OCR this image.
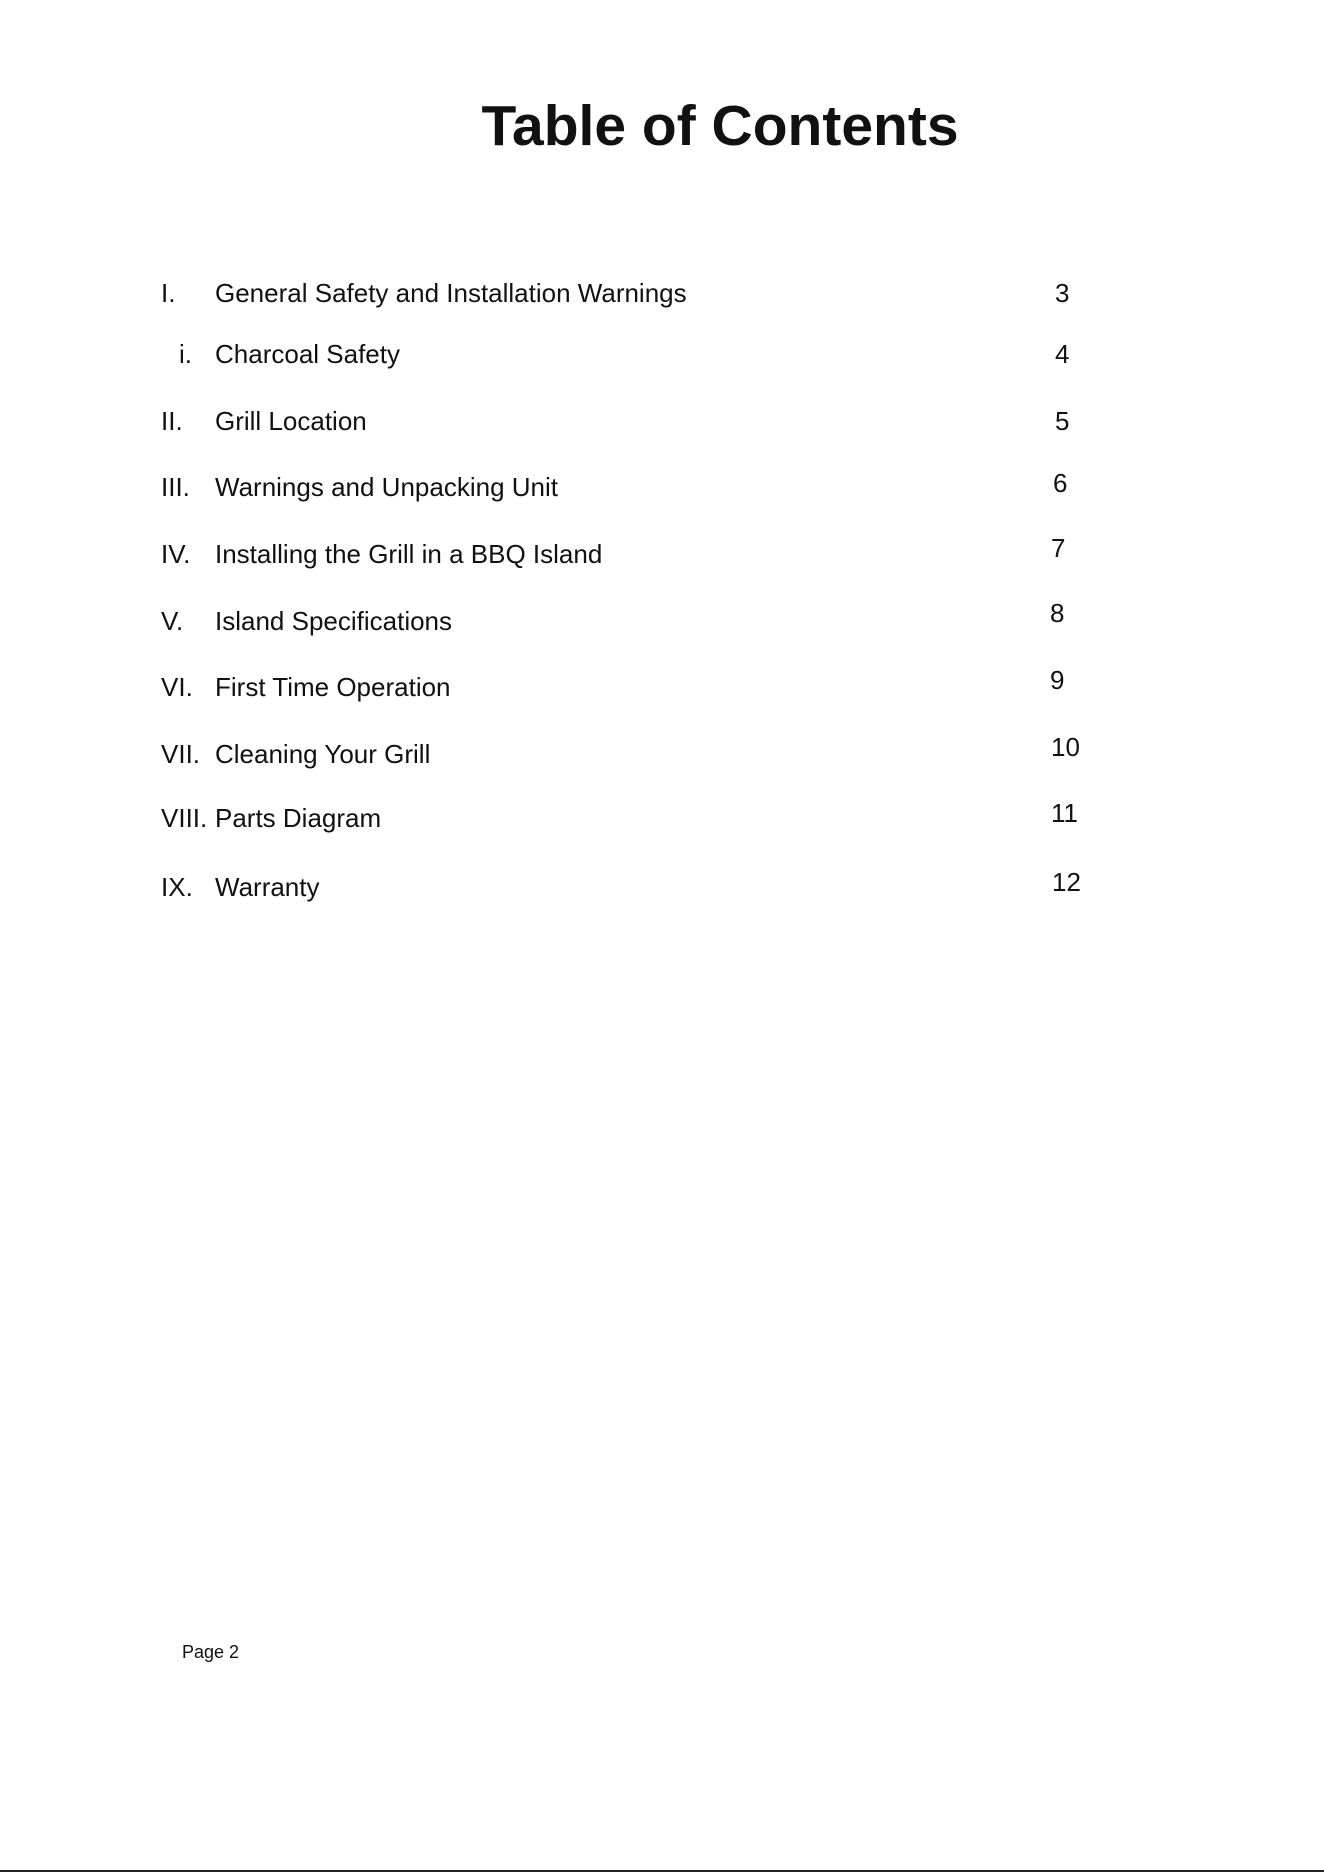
Table of Contents
I. General Safety and Installation Warnings	3
i. Charcoal Safety	4
II. Grill Location	5
III. Warnings and Unpacking Unit	6
IV. Installing the Grill in a BBQ Island	7
V. Island Specifications	8
VI. First Time Operation	9
VII. Cleaning Your Grill	10
VIII. Parts Diagram	11
IX. Warranty	12
Page 2
